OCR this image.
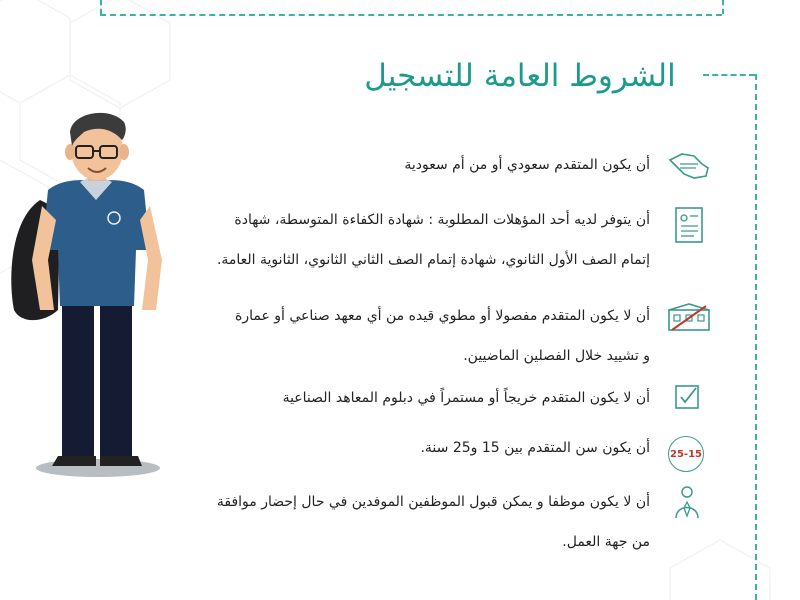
الشروط العامة للتسجيل
أن يكون المتقدم سعودي أو من أم سعودية
أن يتوفر لديه أحد المؤهلات المطلوبة : شهادة الكفاءة المتوسطة، شهادة
إتمام الصف الأول الثانوي، شهادة إتمام الصف الثاني الثانوي، الثانوية العامة.
أن لا يكون المتقدم مفصولا أو مطوي قيده من أي معهد صناعي أو عمارة
و تشييد خلال الفصلين الماضيين.
أن لا يكون المتقدم خريجاً أو مستمراً في دبلوم المعاهد الصناعية
أن يكون سن المتقدم بين 15 و25 سنة. 25-15
أن لا يكون موظفا و يمكن قبول الموظفين الموفدين في حال إحضار موافقة
من جهة العمل.
